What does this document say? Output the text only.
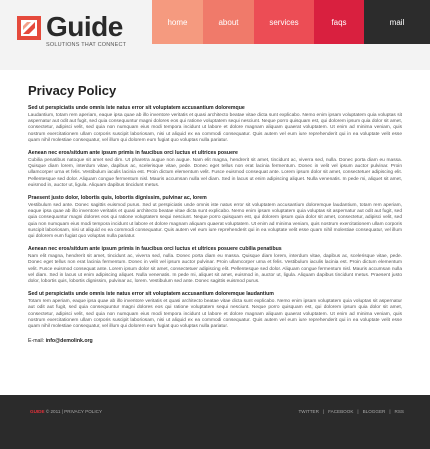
Guide
SOLUTIONS THAT CONNECT
home	about	services	faqs	mail
Privacy Policy
Sed ut perspiciatis unde omnis iste natus error sit voluptatem accusantium doloremque
Laudantium, totam rem aperiam, eaque ipsa quae ab illo inventore veritatis et quasi architecto beatae vitae dicta sunt explicabo. Nemo enim ipsam voluptatem quia voluptas sit aspernatur aut odit aut fugit, sed quia consequuntur magni dolores eos qui ratione voluptatem sequi nesciunt. Neque porro quisquam est, qui dolorem ipsum quia dolor sit amet, consectetur, adipisci velit, sed quia non numquam eius modi tempora incidunt ut labore et dolore magnam aliquam quaerat voluptatem. Ut enim ad minima veniam, quis nostrum exercitationem ullam corporis suscipit laboriosam, nisi ut aliquid ex ea commodi consequatur. Quis autem vel eum iure reprehenderit qui in ea voluptate velit esse quam nihil molestiae consequatur, vel illum qui dolorem eum fugiat quo voluptas nulla pariatur.
Aenean nec eros/sitdum ante ipsum primis in faucibus orci luctus et ultrices posuere
Cubilia penatibus natoque sit amet sed dim. Ut pharetra augue non augue. Nam elit magna, hendrerit sit amet, tincidunt ac, viverra sed, nulla. Donec porta diam eu massa. Quisque diam lorem, interdum vitae, dapibus ac, scelerisque vitae, pede. Donec eget tellus non erat lacinia fermentum. Donec in velit vel ipsum auctor pulvinar. Proin ullamcorper urna et felis. Vestibulum iaculis lacinia est. Proin dictum elementum velit. Fusce euismod consequat ante. Lorem ipsum dolor sit amet, consectetuer adipiscing elit. Pellentesque sed dolor. Aliquam congue fermentum nisl. Mauris accumsan nulla vel diam. Sed in lacus ut enim adipiscing aliquet. Nulla venenatis. In pede mi, aliquet sit amet, euismod in, auctor ut, ligula. Aliquam dapibus tincidunt metus.
Praesent justo dolor, lobortis quis, lobortis dignissim, pulvinar ac, lorem
Vestibulum sed ante. Donec sagittis euismod purus. Sed ut perspiciatis unde omnis iste natus error sit voluptatem accusantium doloremque laudantium, totam rem aperiam, eaque ipsa quae ab illo inventore veritatis et quasi architecto beatae vitae dicta sunt explicabo. Nemo enim ipsam voluptatem quia voluptas sit aspernatur aut odit aut fugit, sed quia consequuntur magni dolores eos qui ratione voluptatem sequi nesciunt. Neque porro quisquam est, qui dolorem ipsum quia dolor sit amet, consectetur, adipisci velit, sed quia non numquam eius modi tempora incidunt ut labore et dolore magnam aliquam quaerat voluptatem. Ut enim ad minima veniam, quis nostrum exercitationem ullam corporis suscipit laboriosam, nisi ut aliquid ex ea commodi consequatur. Quis autem vel eum iure reprehenderit qui in ea voluptate velit esse quam nihil molestiae consequatur, vel illum qui dolorem eum fugiat quo voluptas nulla pariatur.
Aenean nec eros/sitdum ante ipsum primis in faucibus orci luctus et ultrices posuere cubilia penatibus
Nam elit magna, hendrerit sit amet, tincidunt ac, viverra sed, nulla. Donec porta diam eu massa. Quisque diam lorem, interdum vitae, dapibus ac, scelerisque vitae, pede. Donec eget tellus non erat lacinia fermentum. Donec in velit vel ipsum auctor pulvinar. Proin ullamcorper urna et felis. Vestibulum iaculis lacinia est. Proin dictum elementum velit. Fusce euismod consequat ante. Lorem ipsum dolor sit amet, consectetuer adipiscing elit. Pellentesque sed dolor. Aliquam congue fermentum nisl. Mauris accumsan nulla vel diam. Sed in lacus ut enim adipiscing aliquet. Nulla venenatis. In pede mi, aliquet sit amet, euismod in, auctor ut, ligula. Aliquam dapibus tincidunt metus. Praesent justo dolor, lobortis quis, lobortis dignissim, pulvinar ac, lorem. Vestibulum sed ante. Donec sagittis euismod purus.
Sed ut perspiciatis unde omnis iste natus error sit voluptatem accusantium doloremque laudantium
Totam rem aperiam, eaque ipsa quae ab illo inventore veritatis et quasi architecto beatae vitae dicta sunt explicabo. Nemo enim ipsam voluptatem quia voluptas sit aspernatur aut odit aut fugit, sed quia consequuntur magni dolores eos qui ratione voluptatem sequi nesciunt. Neque porro quisquam est, qui dolorem ipsum quia dolor sit amet, consectetur, adipisci velit, sed quia non numquam eius modi tempora incidunt ut labore et dolore magnam aliquam quaerat voluptatem. Ut enim ad minima veniam, quis nostrum exercitationem ullam corporis suscipit laboriosam, nisi ut aliquid ex ea commodi consequatur. Quis autem vel eum iure reprehenderit qui in ea voluptate velit esse quam nihil molestiae consequatur, vel illum qui dolorem eum fugiat quo voluptas nulla pariatur.
E-mail: info@demolink.org
GUIDE © 2011 | PRIVACY POLICY	TWITTER | FACEBOOK | BLOGGER | RSS
